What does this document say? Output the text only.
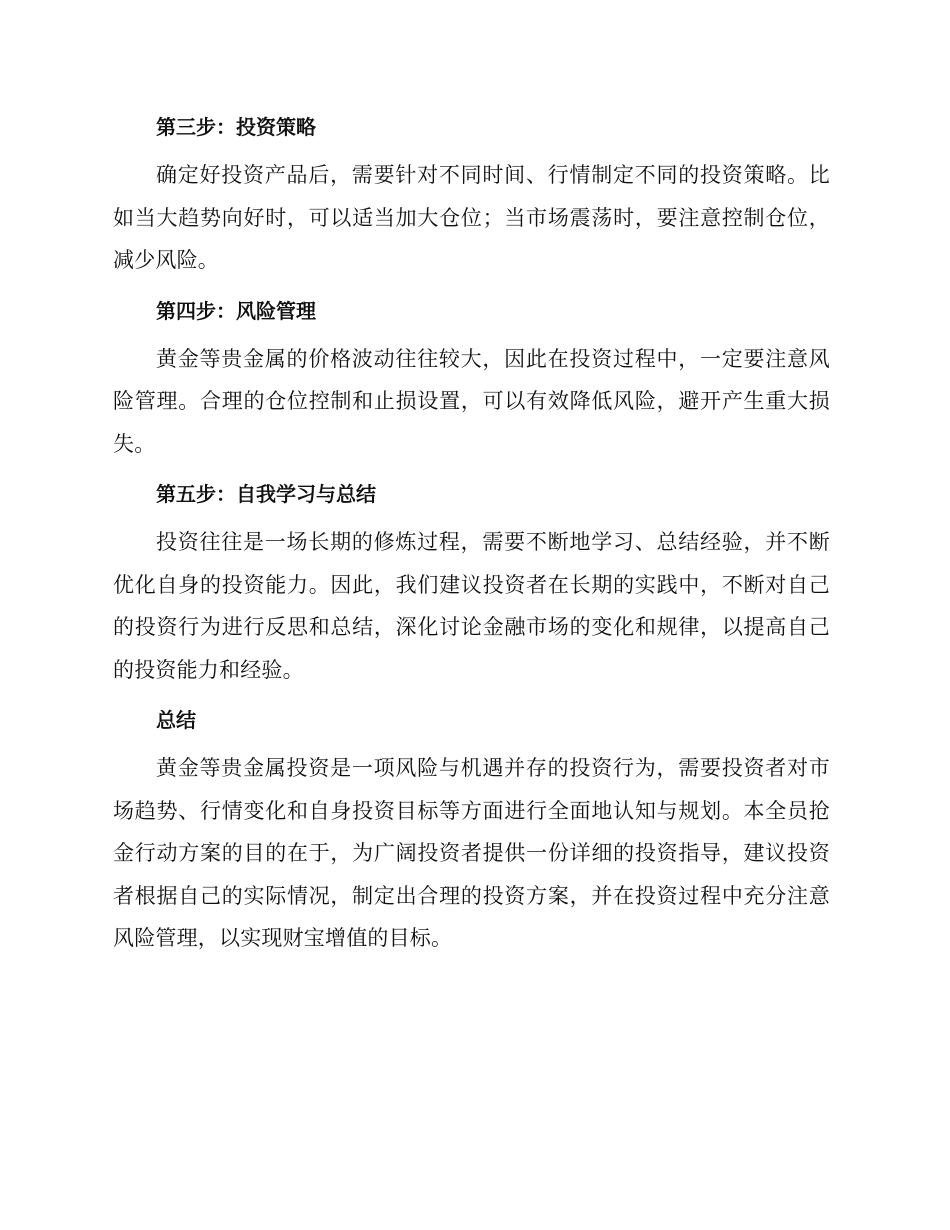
第三步：投资策略

确定好投资产品后，需要针对不同时间、行情制定不同的投资策略。比如当大趋势向好时，可以适当加大仓位；当市场震荡时，要注意控制仓位，减少风险。

第四步：风险管理

黄金等贵金属的价格波动往往较大，因此在投资过程中，一定要注意风险管理。合理的仓位控制和止损设置，可以有效降低风险，避开产生重大损失。

第五步：自我学习与总结

投资往往是一场长期的修炼过程，需要不断地学习、总结经验，并不断优化自身的投资能力。因此，我们建议投资者在长期的实践中，不断对自己的投资行为进行反思和总结，深化讨论金融市场的变化和规律，以提高自己的投资能力和经验。

总结

黄金等贵金属投资是一项风险与机遇并存的投资行为，需要投资者对市场趋势、行情变化和自身投资目标等方面进行全面地认知与规划。本全员抢金行动方案的目的在于，为广阔投资者提供一份详细的投资指导，建议投资者根据自己的实际情况，制定出合理的投资方案，并在投资过程中充分注意风险管理，以实现财宝增值的目标。
